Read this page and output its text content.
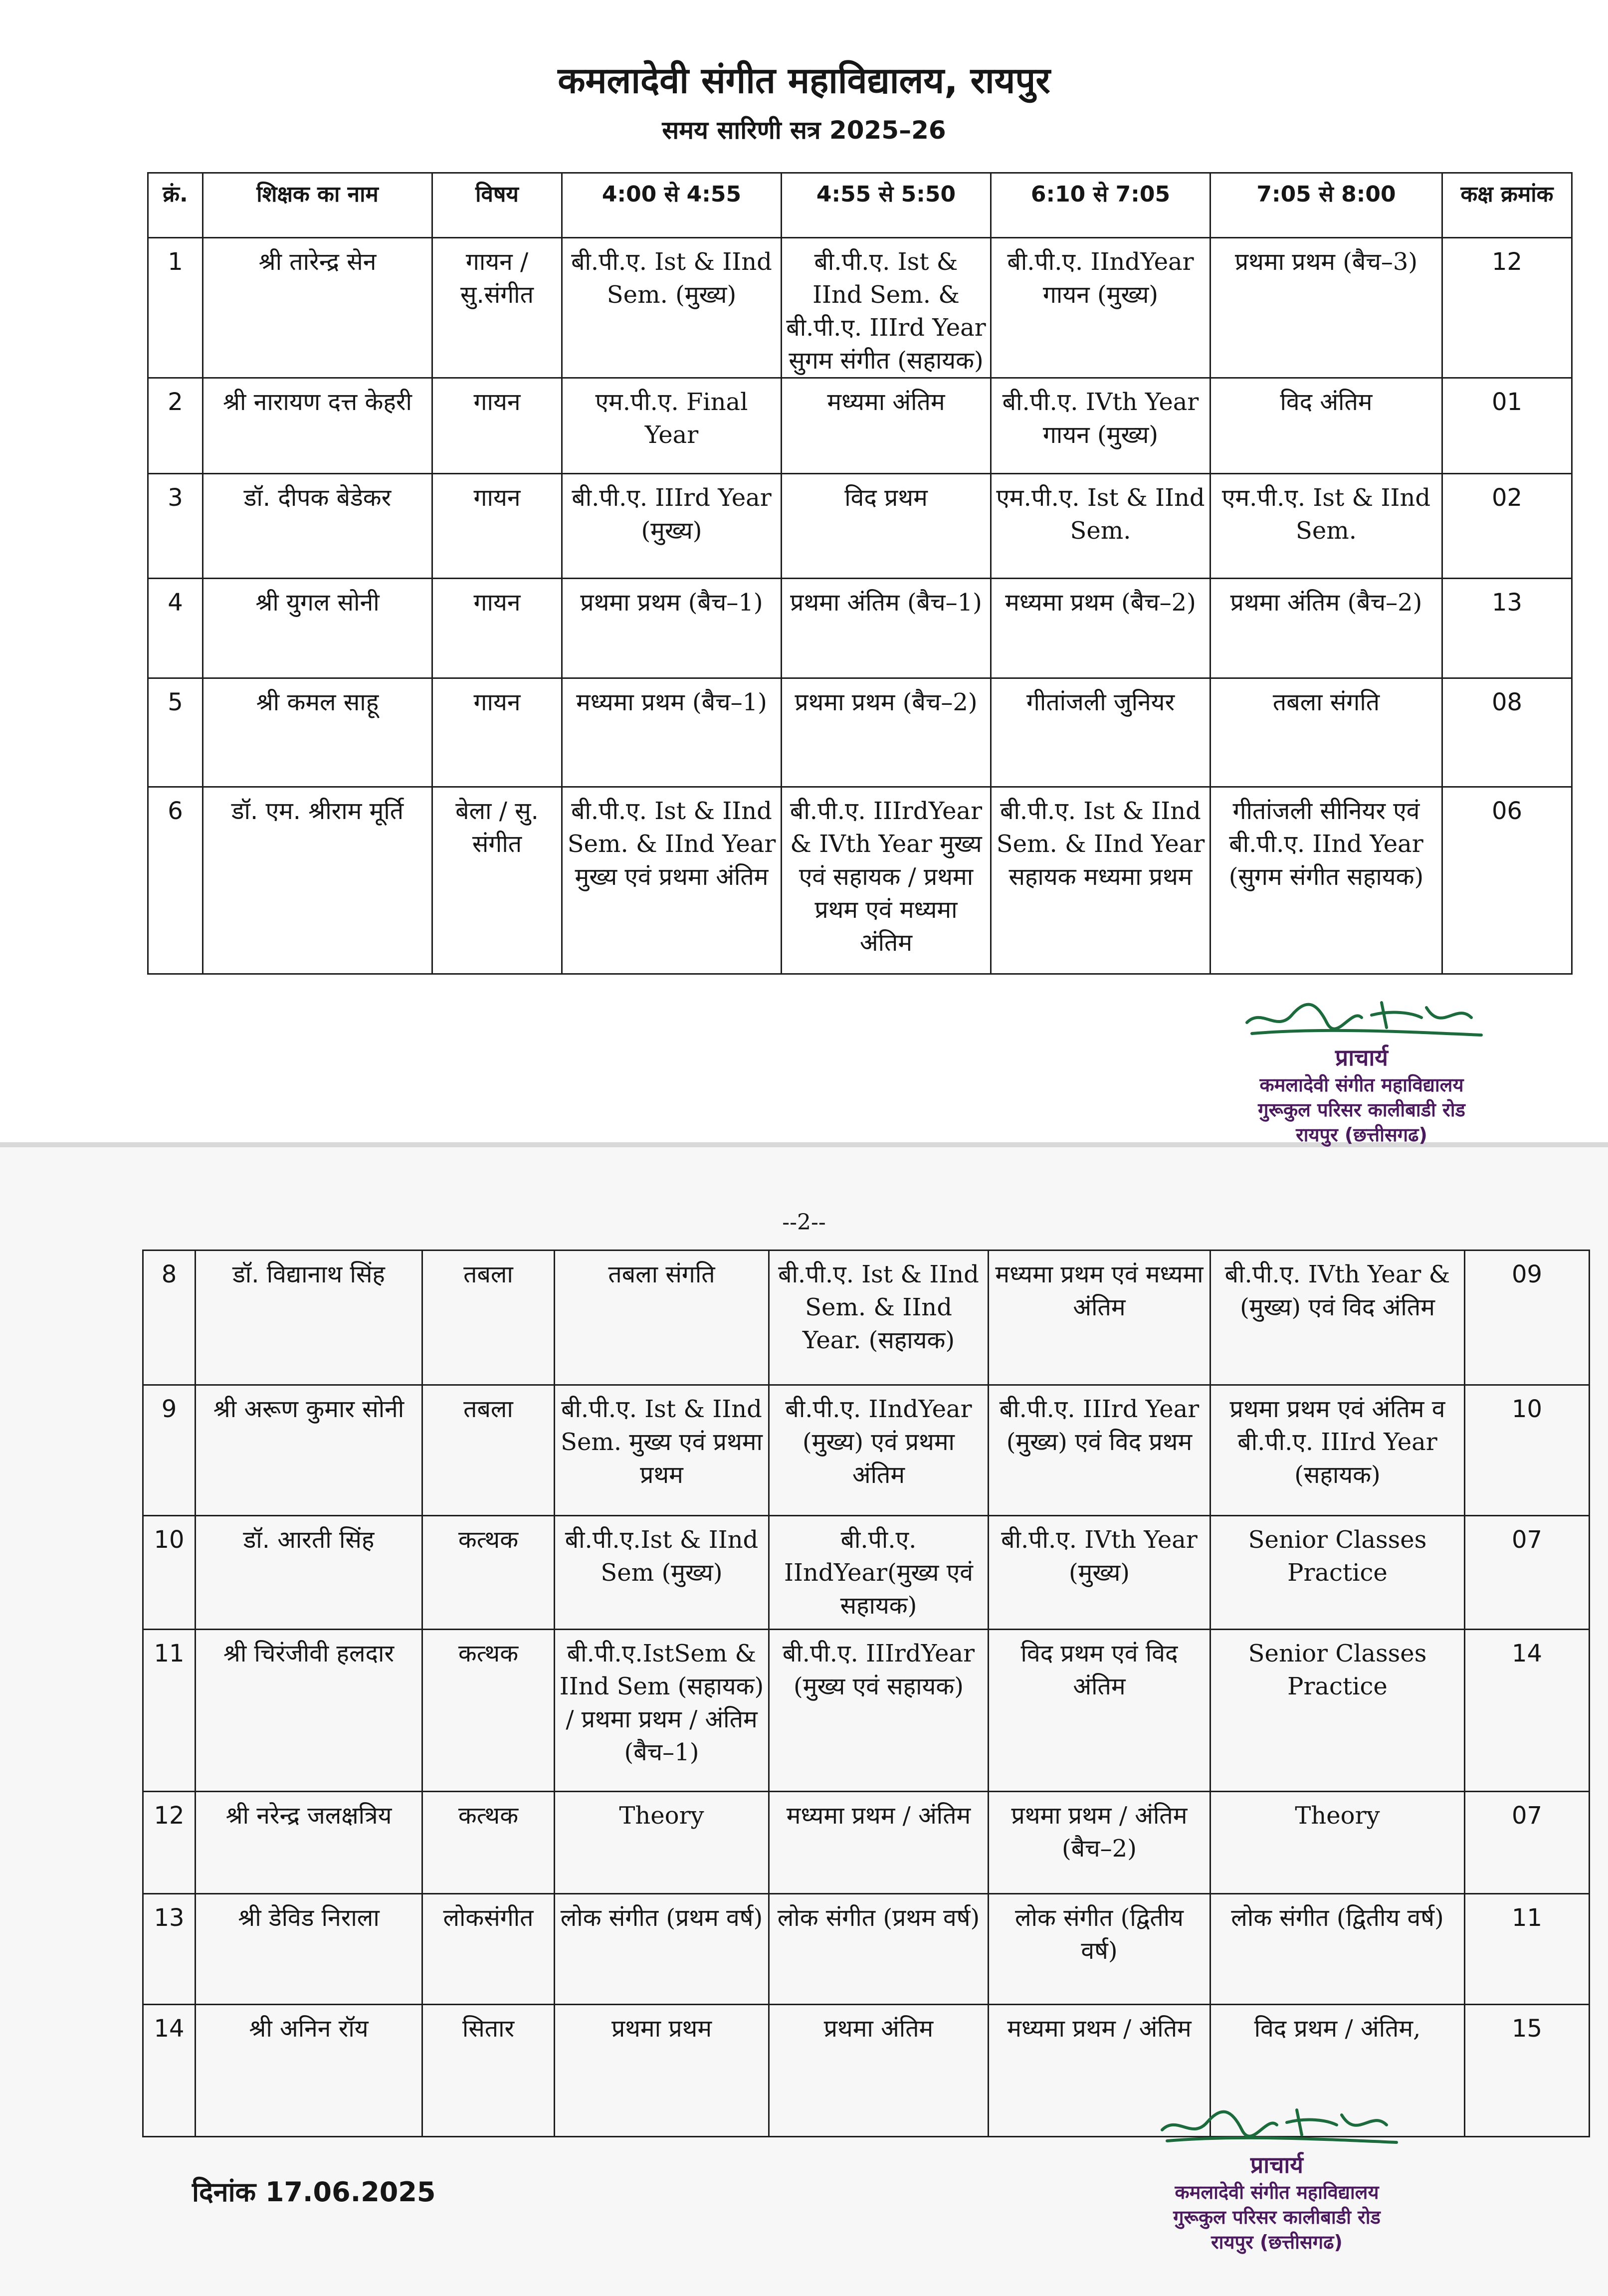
कमलादेवी संगीत महाविद्यालय, रायपुर
समय सारिणी सत्र 2025–26
क्रं.	शिक्षक का नाम	विषय	4:00 से 4:55	4:55 से 5:50	6:10 से 7:05	7:05 से 8:00	कक्ष क्रमांक
1	श्री तारेन्द्र सेन	गायन / सु.संगीत	बी.पी.ए. Ist & IInd Sem. (मुख्य)	बी.पी.ए. Ist & IInd Sem. & बी.पी.ए. IIIrd Year सुगम संगीत (सहायक)	बी.पी.ए. IIndYear गायन (मुख्य)	प्रथमा प्रथम (बैच–3)	12
2	श्री नारायण दत्त केहरी	गायन	एम.पी.ए. Final Year	मध्यमा अंतिम	बी.पी.ए. IVth Year गायन (मुख्य)	विद अंतिम	01
3	डॉ. दीपक बेडेकर	गायन	बी.पी.ए. IIIrd Year (मुख्य)	विद प्रथम	एम.पी.ए. Ist & IInd Sem.	एम.पी.ए. Ist & IInd Sem.	02
4	श्री युगल सोनी	गायन	प्रथमा प्रथम (बैच–1)	प्रथमा अंतिम (बैच–1)	मध्यमा प्रथम (बैच–2)	प्रथमा अंतिम (बैच–2)	13
5	श्री कमल साहू	गायन	मध्यमा प्रथम (बैच–1)	प्रथमा प्रथम (बैच–2)	गीतांजली जुनियर	तबला संगति	08
6	डॉ. एम. श्रीराम मूर्ति	बेला / सु. संगीत	बी.पी.ए. Ist & IInd Sem. & IInd Year मुख्य एवं प्रथमा अंतिम	बी.पी.ए. IIIrdYear & IVth Year मुख्य एवं सहायक / प्रथमा प्रथम एवं मध्यमा अंतिम	बी.पी.ए. Ist & IInd Sem. & IInd Year सहायक मध्यमा प्रथम	गीतांजली सीनियर एवं बी.पी.ए. IInd Year (सुगम संगीत सहायक)	06
प्राचार्य
कमलादेवी संगीत महाविद्यालय
गुरूकुल परिसर कालीबाडी रोड
रायपुर (छत्तीसगढ)
--2--
8	डॉ. विद्यानाथ सिंह	तबला	तबला संगति	बी.पी.ए. Ist & IInd Sem. & IInd Year. (सहायक)	मध्यमा प्रथम एवं मध्यमा अंतिम	बी.पी.ए. IVth Year & (मुख्य) एवं विद अंतिम	09
9	श्री अरूण कुमार सोनी	तबला	बी.पी.ए. Ist & IInd Sem. मुख्य एवं प्रथमा प्रथम	बी.पी.ए. IIndYear (मुख्य) एवं प्रथमा अंतिम	बी.पी.ए. IIIrd Year (मुख्य) एवं विद प्रथम	प्रथमा प्रथम एवं अंतिम व बी.पी.ए. IIIrd Year (सहायक)	10
10	डॉ. आरती सिंह	कत्थक	बी.पी.ए.Ist & IInd Sem (मुख्य)	बी.पी.ए. IIndYear(मुख्य एवं सहायक)	बी.पी.ए. IVth Year (मुख्य)	Senior Classes Practice	07
11	श्री चिरंजीवी हलदार	कत्थक	बी.पी.ए.IstSem & IInd Sem (सहायक) / प्रथमा प्रथम / अंतिम (बैच–1)	बी.पी.ए. IIIrdYear (मुख्य एवं सहायक)	विद प्रथम एवं विद अंतिम	Senior Classes Practice	14
12	श्री नरेन्द्र जलक्षत्रिय	कत्थक	Theory	मध्यमा प्रथम / अंतिम	प्रथमा प्रथम / अंतिम (बैच–2)	Theory	07
13	श्री डेविड निराला	लोकसंगीत	लोक संगीत (प्रथम वर्ष)	लोक संगीत (प्रथम वर्ष)	लोक संगीत (द्वितीय वर्ष)	लोक संगीत (द्वितीय वर्ष)	11
14	श्री अनिन रॉय	सितार	प्रथमा प्रथम	प्रथमा अंतिम	मध्यमा प्रथम / अंतिम	विद प्रथम / अंतिम,	15
दिनांक 17.06.2025
प्राचार्य
कमलादेवी संगीत महाविद्यालय
गुरूकुल परिसर कालीबाडी रोड
रायपुर (छत्तीसगढ)
